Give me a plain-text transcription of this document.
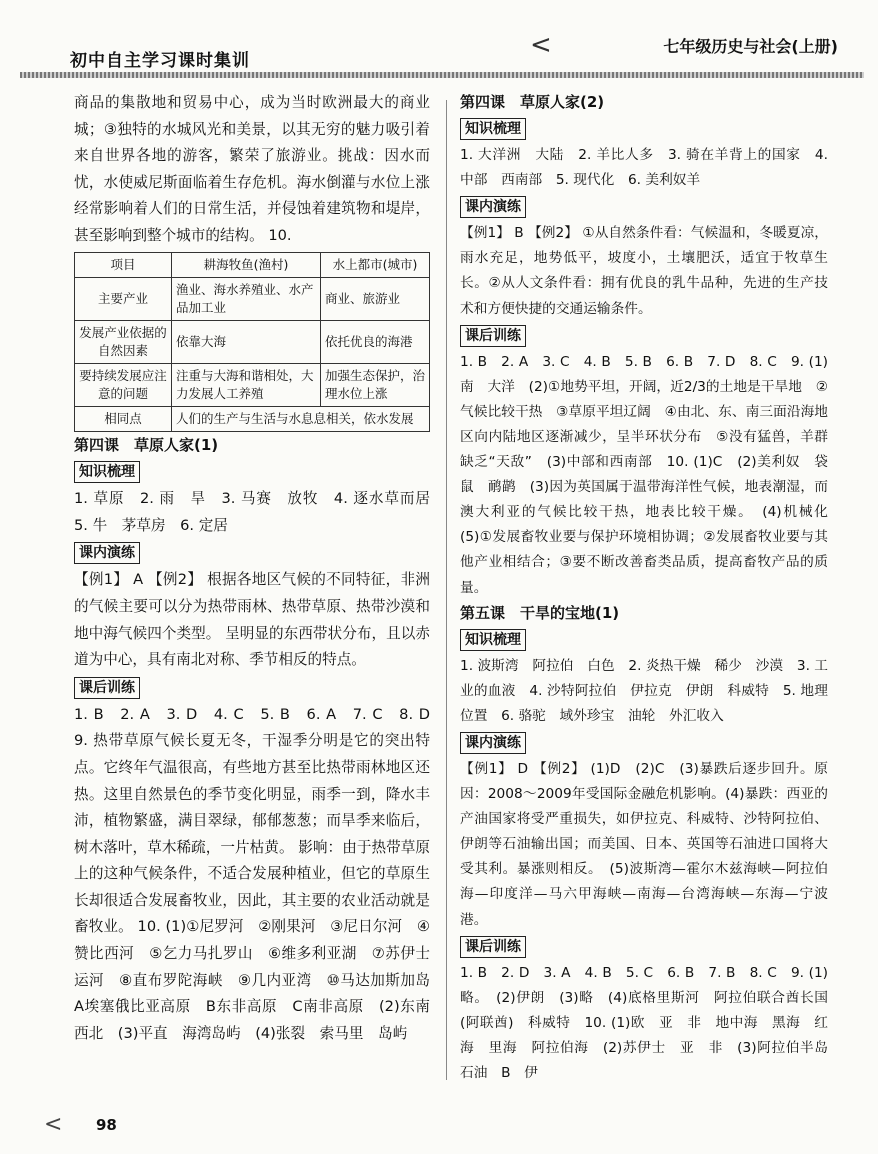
初中自主学习课时集训
<	七年级历史与社会(上册)

商品的集散地和贸易中心，成为当时欧洲最大的商业城；③独特的水城风光和美景，以其无穷的魅力吸引着来自世界各地的游客，繁荣了旅游业。挑战：因水而忧，水使威尼斯面临着生存危机。海水倒灌与水位上涨经常影响着人们的日常生活，并侵蚀着建筑物和堤岸，甚至影响到整个城市的结构。 10.

项目	耕海牧鱼(渔村)	水上都市(城市)
主要产业	渔业、海水养殖业、水产品加工业	商业、旅游业
发展产业依据的自然因素	依靠大海	依托优良的海港
要持续发展应注意的问题	注重与大海和谐相处，大力发展人工养殖	加强生态保护，治理水位上涨
相同点	人们的生产与生活与水息息相关，依水发展	

第四课　草原人家(1)

知识梳理

1. 草原　2. 雨　旱　3. 马赛　放牧　4. 逐水草而居　5. 牛　茅草房　6. 定居

课内演练

【例1】 A 【例2】 根据各地区气候的不同特征，非洲的气候主要可以分为热带雨林、热带草原、热带沙漠和地中海气候四个类型。 呈明显的东西带状分布，且以赤道为中心，具有南北对称、季节相反的特点。

课后训练

1. B　2. A　3. D　4. C　5. B　6. A　7. C　8. D　9. 热带草原气候长夏无冬，干湿季分明是它的突出特点。它终年气温很高，有些地方甚至比热带雨林地区还热。这里自然景色的季节变化明显，雨季一到，降水丰沛，植物繁盛，满目翠绿，郁郁葱葱；而旱季来临后，树木落叶，草木稀疏，一片枯黄。 影响：由于热带草原上的这种气候条件，不适合发展种植业，但它的草原生长却很适合发展畜牧业，因此，其主要的农业活动就是畜牧业。 10. (1)①尼罗河　②刚果河　③尼日尔河　④赞比西河　⑤乞力马扎罗山　⑥维多利亚湖　⑦苏伊士运河　⑧直布罗陀海峡　⑨几内亚湾　⑩马达加斯加岛　A埃塞俄比亚高原　B东非高原　C南非高原　(2)东南　西北　(3)平直　海湾岛屿　(4)张裂　索马里　岛屿

第四课　草原人家(2)

知识梳理

1. 大洋洲　大陆　2. 羊比人多　3. 骑在羊背上的国家　4. 中部　西南部　5. 现代化　6. 美利奴羊

课内演练

【例1】 B 【例2】 ①从自然条件看：气候温和，冬暖夏凉，雨水充足，地势低平，坡度小，土壤肥沃，适宜于牧草生长。②从人文条件看：拥有优良的乳牛品种，先进的生产技术和方便快捷的交通运输条件。

课后训练

1. B　2. A　3. C　4. B　5. B　6. B　7. D　8. C　9. (1)南　大洋　(2)①地势平坦，开阔，近2/3的土地是干旱地　②气候比较干热　③草原平坦辽阔　④由北、东、南三面沿海地区向内陆地区逐渐减少，呈半环状分布　⑤没有猛兽，羊群缺乏“天敌”　(3)中部和西南部　10. (1)C　(2)美利奴　袋鼠　鸸鹋　(3)因为英国属于温带海洋性气候，地表潮湿，而澳大利亚的气候比较干热，地表比较干燥。　(4)机械化　(5)①发展畜牧业要与保护环境相协调；②发展畜牧业要与其他产业相结合；③要不断改善畜类品质，提高畜牧产品的质量。

第五课　干旱的宝地(1)

知识梳理

1. 波斯湾　阿拉伯　白色　2. 炎热干燥　稀少　沙漠　3. 工业的血液　4. 沙特阿拉伯　伊拉克　伊朗　科威特　5. 地理位置　6. 骆驼　域外珍宝　油轮　外汇收入

课内演练

【例1】 D 【例2】 (1)D　(2)C　(3)暴跌后逐步回升。原因：2008～2009年受国际金融危机影响。(4)暴跌：西亚的产油国家将受严重损失，如伊拉克、科威特、沙特阿拉伯、伊朗等石油输出国；而美国、日本、英国等石油进口国将大受其利。暴涨则相反。　(5)波斯湾—霍尔木兹海峡—阿拉伯海—印度洋—马六甲海峡—南海—台湾海峡—东海—宁波港。

课后训练

1. B　2. D　3. A　4. B　5. C　6. B　7. B　8. C　9. (1)略。　(2)伊朗　(3)略　(4)底格里斯河　阿拉伯联合酋长国(阿联酋)　科威特　10. (1)欧　亚　非　地中海　黑海　红海　里海　阿拉伯海　(2)苏伊士　亚　非　(3)阿拉伯半岛　石油　B　伊

< 98
